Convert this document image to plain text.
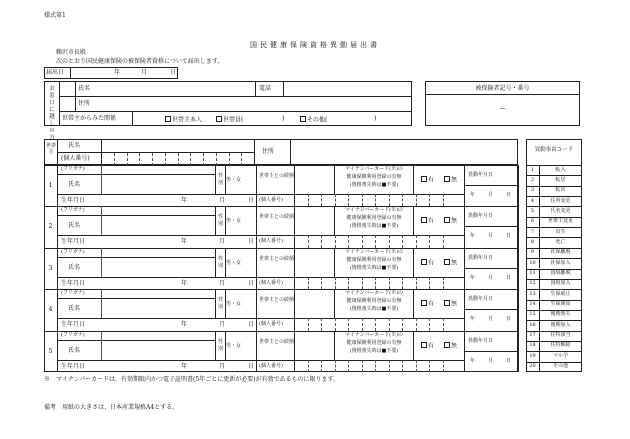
様式第1
国民健康保険資格異動届出書
鶴沢市長殿
次のとおり国民健康保険の被保険者資格について届出します。
届出日	年	月	日
お窓口に越しの方
氏名	電話
住所
世帯主からみた関係	世帯主本人	世帯員(	)	その他(	)
被保険者記号・番号
—
世帯主
氏名
(個人番号)
住所	異動事由コード
1	転入
2	転居
3	転出
4	住所変更
5	氏名変更
6	世帯主変更
7	出生
8	死亡
9	社保離脱
10	社保加入
11	国組離脱
12	国組加入
13	生保廃止
14	生保開始
15	後期喪失
16	後期加入
17	住特該当
18	住特解除
19	マル学
20	その他
1
(フリガナ)
氏名
生年月日	年	月	日
性別 男・女
世帯主との続柄
(個人番号)
マイナンバーカード(※)の
健康保険利用登録の有無
(資格喪失時は■不要)
有	無
異動年月日
年	月	日
2
(フリガナ)
氏名
生年月日	年	月	日
性別 男・女
世帯主との続柄
(個人番号)
マイナンバーカード(※)の
健康保険利用登録の有無
(資格喪失時は■不要)
有	無
異動年月日
年	月	日
3
(フリガナ)
氏名
生年月日	年	月	日
性別 男・女
世帯主との続柄
(個人番号)
マイナンバーカード(※)の
健康保険利用登録の有無
(資格喪失時は■不要)
有	無
異動年月日
年	月	日
4
(フリガナ)
氏名
生年月日	年	月	日
性別 男・女
世帯主との続柄
(個人番号)
マイナンバーカード(※)の
健康保険利用登録の有無
(資格喪失時は■不要)
有	無
異動年月日
年	月	日
5
(フリガナ)
氏名
生年月日	年	月	日
性別 男・女
世帯主との続柄
(個人番号)
マイナンバーカード(※)の
健康保険利用登録の有無
(資格喪失時は■不要)
有	無
異動年月日
年	月	日
※　マイナンバーカードは、有効期限内かつ電子証明書(5年ごとに更新が必要)が有効であるものに限ります。
備考　用紙の大きさは、日本産業規格A4とする。
